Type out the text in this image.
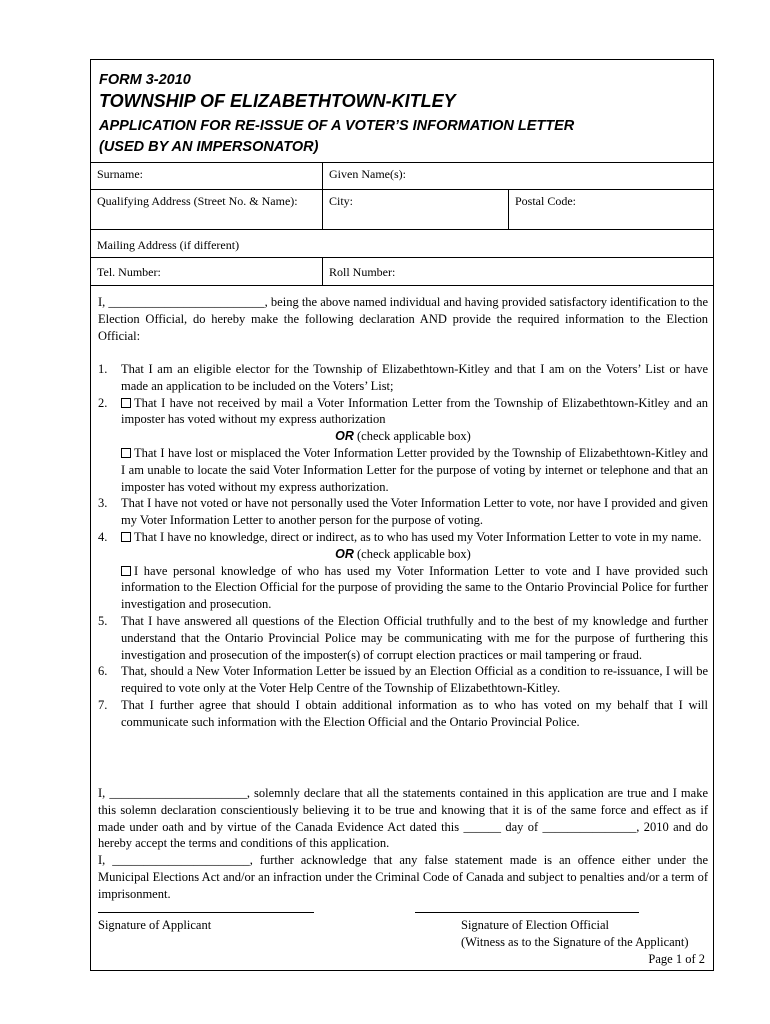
FORM 3-2010
TOWNSHIP OF ELIZABETHTOWN-KITLEY
APPLICATION FOR RE-ISSUE OF A VOTER’S INFORMATION LETTER
(USED BY AN IMPERSONATOR)
Surname:	Given Name(s):
Qualifying Address (Street No. & Name):	City:	Postal Code:
Mailing Address (if different)
Tel. Number:	Roll Number:
I, _________________________, being the above named individual and having provided satisfactory identification to the Election Official, do hereby make the following declaration AND provide the required information to the Election Official:
1. That I am an eligible elector for the Township of Elizabethtown-Kitley and that I am on the Voters’ List or have made an application to be included on the Voters’ List;
2. That I have not received by mail a Voter Information Letter from the Township of Elizabethtown-Kitley and an imposter has voted without my express authorization
OR (check applicable box)
That I have lost or misplaced the Voter Information Letter provided by the Township of Elizabethtown-Kitley and I am unable to locate the said Voter Information Letter for the purpose of voting by internet or telephone and that an imposter has voted without my express authorization.
3. That I have not voted or have not personally used the Voter Information Letter to vote, nor have I provided and given my Voter Information Letter to another person for the purpose of voting.
4. That I have no knowledge, direct or indirect, as to who has used my Voter Information Letter to vote in my name.
OR (check applicable box)
I have personal knowledge of who has used my Voter Information Letter to vote and I have provided such information to the Election Official for the purpose of providing the same to the Ontario Provincial Police for further investigation and prosecution.
5. That I have answered all questions of the Election Official truthfully and to the best of my knowledge and further understand that the Ontario Provincial Police may be communicating with me for the purpose of furthering this investigation and prosecution of the imposter(s) of corrupt election practices or mail tampering or fraud.
6. That, should a New Voter Information Letter be issued by an Election Official as a condition to re-issuance, I will be required to vote only at the Voter Help Centre of the Township of Elizabethtown-Kitley.
7. That I further agree that should I obtain additional information as to who has voted on my behalf that I will communicate such information with the Election Official and the Ontario Provincial Police.
I, ______________________, solemnly declare that all the statements contained in this application are true and I make this solemn declaration conscientiously believing it to be true and knowing that it is of the same force and effect as if made under oath and by virtue of the Canada Evidence Act dated this ______ day of _______________, 2010 and do hereby accept the terms and conditions of this application.
I, ______________________, further acknowledge that any false statement made is an offence either under the Municipal Elections Act and/or an infraction under the Criminal Code of Canada and subject to penalties and/or a term of imprisonment.
Signature of Applicant	Signature of Election Official
(Witness as to the Signature of the Applicant)
Page 1 of 2
